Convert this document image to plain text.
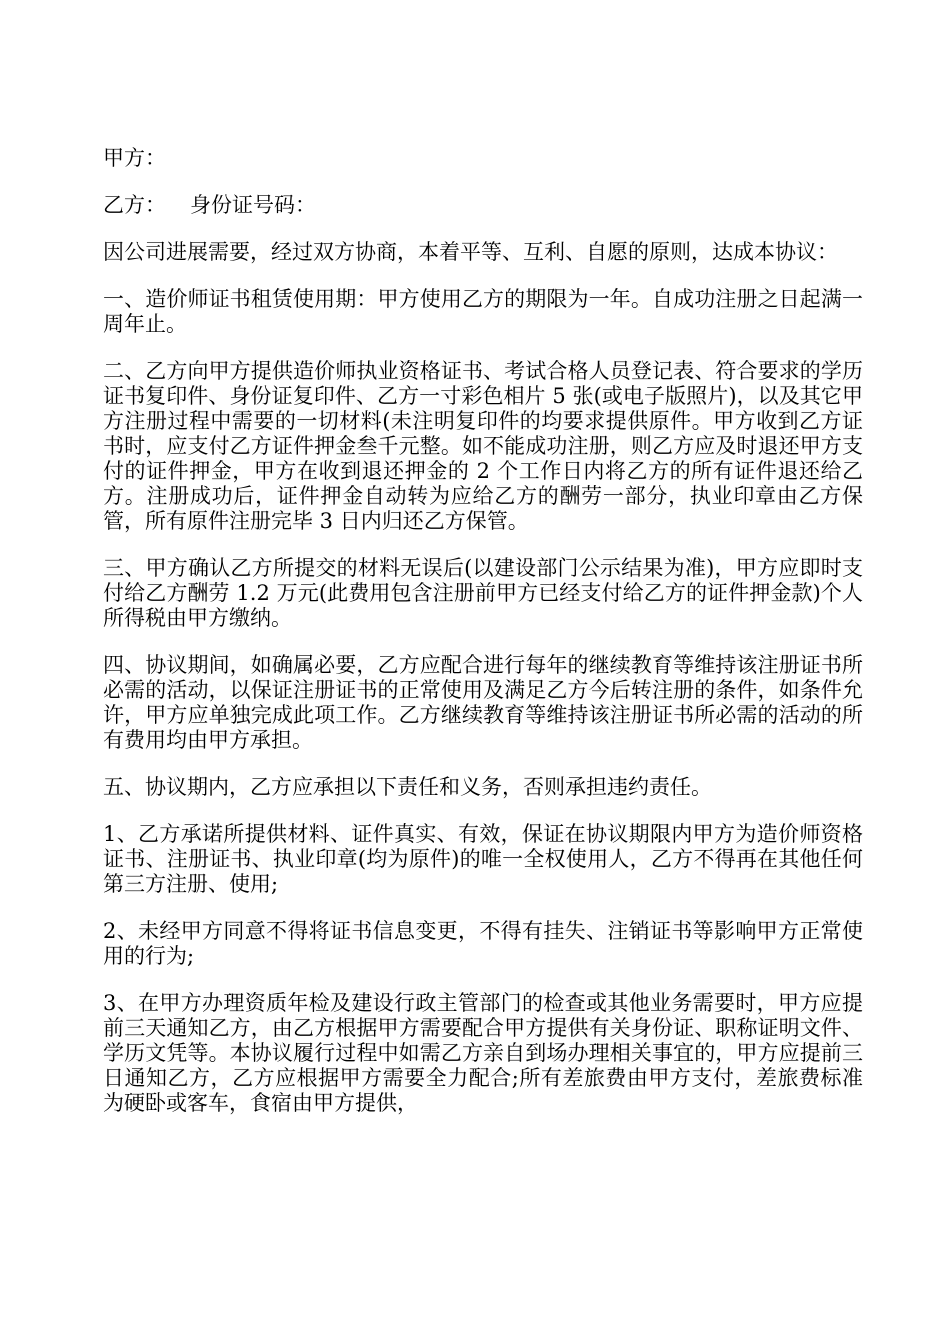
甲方：

乙方： 身份证号码：

因公司进展需要，经过双方协商，本着平等、互利、自愿的原则，达成本协议：

一、造价师证书租赁使用期：甲方使用乙方的期限为一年。自成功注册之日起满一周年止。

二、乙方向甲方提供造价师执业资格证书、考试合格人员登记表、符合要求的学历证书复印件、身份证复印件、乙方一寸彩色相片 5 张(或电子版照片)，以及其它甲方注册过程中需要的一切材料(未注明复印件的均要求提供原件。甲方收到乙方证书时，应支付乙方证件押金叁千元整。如不能成功注册，则乙方应及时退还甲方支付的证件押金，甲方在收到退还押金的 2 个工作日内将乙方的所有证件退还给乙方。注册成功后，证件押金自动转为应给乙方的酬劳一部分，执业印章由乙方保管，所有原件注册完毕 3 日内归还乙方保管。

三、甲方确认乙方所提交的材料无误后(以建设部门公示结果为准)，甲方应即时支付给乙方酬劳 1.2 万元(此费用包含注册前甲方已经支付给乙方的证件押金款)个人所得税由甲方缴纳。

四、协议期间，如确属必要，乙方应配合进行每年的继续教育等维持该注册证书所必需的活动，以保证注册证书的正常使用及满足乙方今后转注册的条件，如条件允许，甲方应单独完成此项工作。乙方继续教育等维持该注册证书所必需的活动的所有费用均由甲方承担。

五、协议期内，乙方应承担以下责任和义务，否则承担违约责任。

1、乙方承诺所提供材料、证件真实、有效，保证在协议期限内甲方为造价师资格证书、注册证书、执业印章(均为原件)的唯一全权使用人，乙方不得再在其他任何第三方注册、使用;

2、未经甲方同意不得将证书信息变更，不得有挂失、注销证书等影响甲方正常使用的行为;

3、在甲方办理资质年检及建设行政主管部门的检查或其他业务需要时，甲方应提前三天通知乙方，由乙方根据甲方需要配合甲方提供有关身份证、职称证明文件、学历文凭等。本协议履行过程中如需乙方亲自到场办理相关事宜的，甲方应提前三日通知乙方，乙方应根据甲方需要全力配合;所有差旅费由甲方支付，差旅费标准为硬卧或客车，食宿由甲方提供，
